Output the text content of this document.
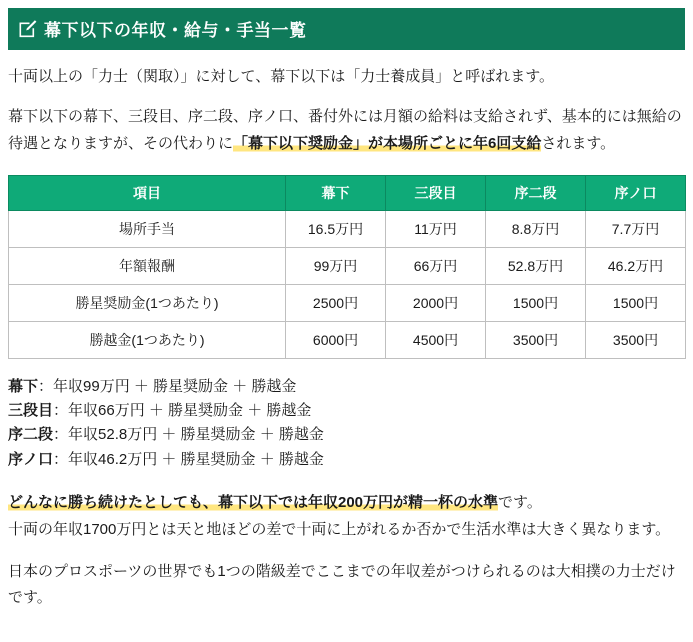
幕下以下の年収・給与・手当一覧

十両以上の「力士（関取）」に対して、幕下以下は「力士養成員」と呼ばれます。

幕下以下の幕下、三段目、序二段、序ノ口、番付外には月額の給料は支給されず、基本的には無給の待遇となりますが、その代わりに「幕下以下奨励金」が本場所ごとに年6回支給されます。

項目	幕下	三段目	序二段	序ノ口
場所手当	16.5万円	11万円	8.8万円	7.7万円
年額報酬	99万円	66万円	52.8万円	46.2万円
勝星奨励金(1つあたり)	2500円	2000円	1500円	1500円
勝越金(1つあたり)	6000円	4500円	3500円	3500円
幕下：年収99万円 ＋ 勝星奨励金 ＋ 勝越金
三段目：年収66万円 ＋ 勝星奨励金 ＋ 勝越金
序二段：年収52.8万円 ＋ 勝星奨励金 ＋ 勝越金
序ノ口：年収46.2万円 ＋ 勝星奨励金 ＋ 勝越金

どんなに勝ち続けたとしても、幕下以下では年収200万円が精一杯の水準です。

十両の年収1700万円とは天と地ほどの差で十両に上がれるか否かで生活水準は大きく異なります。

日本のプロスポーツの世界でも1つの階級差でここまでの年収差がつけられるのは大相撲の力士だけです。
